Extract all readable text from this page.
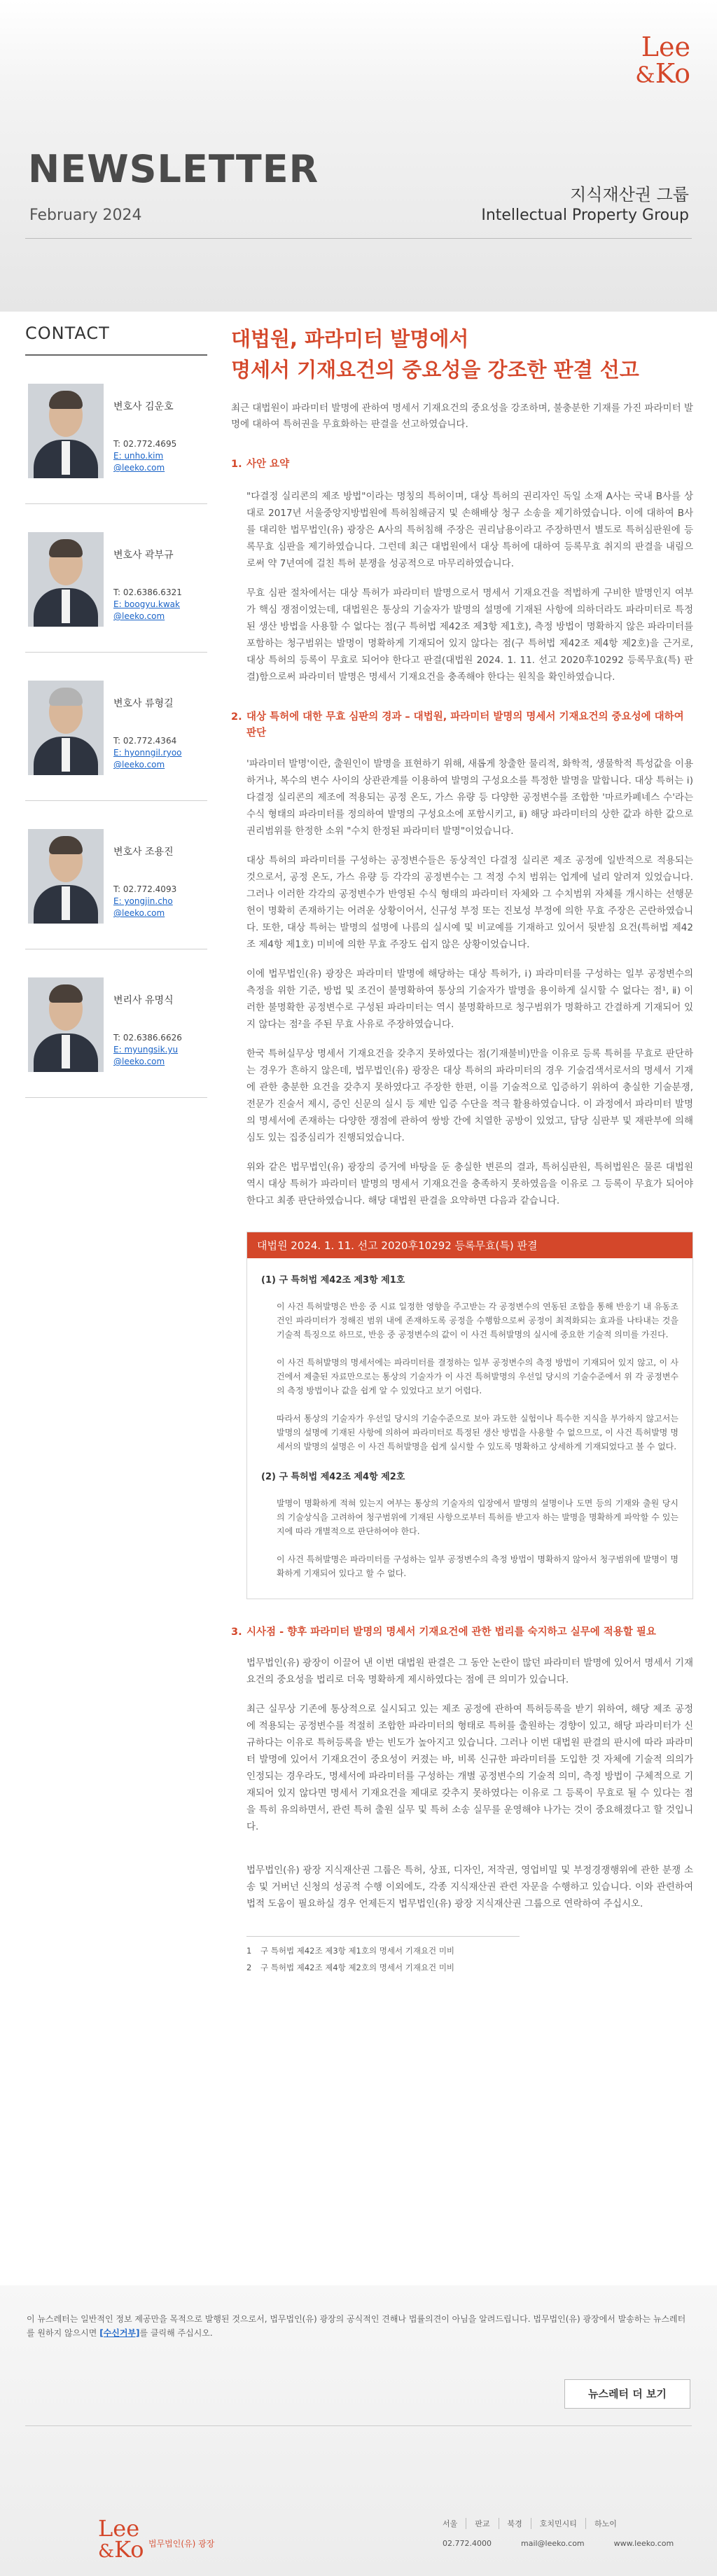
Lee
&Ko
NEWSLETTER
February 2024
지식재산권 그룹
Intellectual Property Group
CONTACT
변호사 김운호
T: 02.772.4695
E: unho.kim
@leeko.com
변호사 곽부규
T: 02.6386.6321
E: boogyu.kwak
@leeko.com
변호사 류형길
T: 02.772.4364
E: hyonngil.ryoo
@leeko.com
변호사 조용진
T: 02.772.4093
E: yongjin.cho
@leeko.com
변리사 유명식
T: 02.6386.6626
E: myungsik.yu
@leeko.com
대법원, 파라미터 발명에서
명세서 기재요건의 중요성을 강조한 판결 선고

최근 대법원이 파라미터 발명에 관하여 명세서 기재요건의 중요성을 강조하며, 불충분한 기재를 가진 파라미터 발명에 대하여 특허권을 무효화하는 판결을 선고하였습니다.

1. 사안 요약

"다결정 실리콘의 제조 방법"이라는 명칭의 특허이며, 대상 특허의 권리자인 독일 소재 A사는 국내 B사를 상대로 2017년 서울중앙지방법원에 특허침해금지 및 손해배상 청구 소송을 제기하였습니다. 이에 대하여 B사를 대리한 법무법인(유) 광장은 A사의 특허침해 주장은 권리남용이라고 주장하면서 별도로 특허심판원에 등록무효 심판을 제기하였습니다. 그런데 최근 대법원에서 대상 특허에 대하여 등록무효 취지의 판결을 내림으로써 약 7년여에 걸친 특허 분쟁을 성공적으로 마무리하였습니다.

무효 심판 절차에서는 대상 특허가 파라미터 발명으로서 명세서 기재요건을 적법하게 구비한 발명인지 여부가 핵심 쟁점이었는데, 대법원은 통상의 기술자가 발명의 설명에 기재된 사항에 의하더라도 파라미터로 특정된 생산 방법을 사용할 수 없다는 점(구 특허법 제42조 제3항 제1호), 측정 방법이 명확하지 않은 파라미터를 포함하는 청구범위는 발명이 명확하게 기재되어 있지 않다는 점(구 특허법 제42조 제4항 제2호)을 근거로, 대상 특허의 등록이 무효로 되어야 한다고 판결(대법원 2024. 1. 11. 선고 2020후10292 등록무효(특) 판결)함으로써 파라미터 발명은 명세서 기재요건을 충족해야 한다는 원칙을 확인하였습니다.

2. 대상 특허에 대한 무효 심판의 경과 – 대법원, 파라미터 발명의 명세서 기재요건의 중요성에 대하여 판단

'파라미터 발명'이란, 출원인이 발명을 표현하기 위해, 새롭게 창출한 물리적, 화학적, 생물학적 특성값을 이용하거나, 복수의 변수 사이의 상관관계를 이용하여 발명의 구성요소를 특정한 발명을 말합니다. 대상 특허는 ⅰ) 다결정 실리콘의 제조에 적용되는 공정 온도, 가스 유량 등 다양한 공정변수를 조합한 '마르카페네스 수'라는 수식 형태의 파라미터를 정의하여 발명의 구성요소에 포함시키고, ⅱ) 해당 파라미터의 상한 값과 하한 값으로 권리범위를 한정한 소위 "수치 한정된 파라미터 발명"이었습니다.

대상 특허의 파라미터를 구성하는 공정변수들은 동상적인 다결정 실리콘 제조 공정에 일반적으로 적용되는 것으로서, 공정 온도, 가스 유량 등 각각의 공정변수는 그 적정 수치 범위는 업계에 널리 알려져 있었습니다. 그러나 이러한 각각의 공정변수가 반영된 수식 형태의 파라미터 자체와 그 수치범위 자체를 개시하는 선행문헌이 명확히 존재하기는 어려운 상황이어서, 신규성 부정 또는 진보성 부정에 의한 무효 주장은 곤란하였습니다. 또한, 대상 특허는 발명의 설명에 나름의 실시예 및 비교예를 기재하고 있어서 뒷받침 요건(특허법 제42조 제4항 제1호) 미비에 의한 무효 주장도 쉽지 않은 상황이었습니다.

이에 법무법인(유) 광장은 파라미터 발명에 해당하는 대상 특허가, ⅰ) 파라미터를 구성하는 일부 공정변수의 측정을 위한 기준, 방법 및 조건이 불명확하여 통상의 기술자가 발명을 용이하게 실시할 수 없다는 점¹, ⅱ) 이러한 불명확한 공정변수로 구성된 파라미터는 역시 불명확하므로 청구범위가 명확하고 간결하게 기재되어 있지 않다는 점²을 주된 무효 사유로 주장하였습니다.

한국 특허실무상 명세서 기재요건을 갖추지 못하였다는 점(기재불비)만을 이유로 등록 특허를 무효로 판단하는 경우가 흔하지 않은데, 법무법인(유) 광장은 대상 특허의 파라미터의 경우 기술검색서로서의 명세서 기재에 관한 충분한 요건을 갖추지 못하였다고 주장한 한편, 이를 기술적으로 입증하기 위하여 충실한 기술분쟁, 전문가 진술서 제시, 증인 신문의 실시 등 제반 입증 수단을 적극 활용하였습니다. 이 과정에서 파라미터 발명의 명세서에 존재하는 다양한 쟁점에 관하여 쌍방 간에 치열한 공방이 있었고, 담당 심판부 및 재판부에 의해 심도 있는 집중심리가 진행되었습니다.

위와 같은 법무법인(유) 광장의 증거에 바탕을 둔 충실한 변론의 결과, 특허심판원, 특허법원은 물론 대법원 역시 대상 특허가 파라미터 발명의 명세서 기재요건을 충족하지 못하였음을 이유로 그 등록이 무효가 되어야 한다고 최종 판단하였습니다. 해당 대법원 판결을 요약하면 다음과 같습니다.

대법원 2024. 1. 11. 선고 2020후10292 등록무효(특) 판결
(1) 구 특허법 제42조 제3항 제1호

이 사건 특허발명은 반응 중 시료 일정한 영향을 주고받는 각 공정변수의 연동된 조합을 통해 반응기 내 유동조건인 파라미터가 정해진 범위 내에 존재하도록 공정을 수행함으로써 공정이 최적화되는 효과를 나타내는 것을 기술적 특징으로 하므로, 반응 중 공정변수의 값이 이 사건 특허발명의 실시에 중요한 기술적 의미를 가진다.

이 사건 특허발명의 명세서에는 파라미터를 결정하는 일부 공정변수의 측정 방법이 기재되어 있지 않고, 이 사건에서 제출된 자료만으로는 통상의 기술자가 이 사건 특허발명의 우선일 당시의 기술수준에서 위 각 공정변수의 측정 방법이나 값을 쉽게 알 수 있었다고 보기 어렵다.

따라서 통상의 기술자가 우선일 당시의 기술수준으로 보아 과도한 실험이나 특수한 지식을 부가하지 않고서는 발명의 설명에 기재된 사항에 의하여 파라미터로 특정된 생산 방법을 사용할 수 없으므로, 이 사건 특허발명 명세서의 발명의 설명은 이 사건 특허발명을 쉽게 실시할 수 있도록 명확하고 상세하게 기재되었다고 볼 수 없다.

(2) 구 특허법 제42조 제4항 제2호

발명이 명확하게 적혀 있는지 여부는 통상의 기술자의 입장에서 발명의 설명이나 도면 등의 기재와 출원 당시의 기술상식을 고려하여 청구범위에 기재된 사항으로부터 특허를 받고자 하는 발명을 명확하게 파악할 수 있는지에 따라 개별적으로 판단하여야 한다.

이 사건 특허발명은 파라미터를 구성하는 일부 공정변수의 측정 방법이 명확하지 않아서 청구범위에 발명이 명확하게 기재되어 있다고 할 수 없다.

3. 시사점 - 향후 파라미터 발명의 명세서 기재요건에 관한 법리를 숙지하고 실무에 적용할 필요

법무법인(유) 광장이 이끌어 낸 이번 대법원 판결은 그 동안 논란이 많던 파라미터 발명에 있어서 명세서 기재요건의 중요성을 법리로 더욱 명확하게 제시하였다는 점에 큰 의미가 있습니다.

최근 실무상 기존에 통상적으로 실시되고 있는 제조 공정에 관하여 특허등록을 받기 위하여, 해당 제조 공정에 적용되는 공정변수를 적절히 조합한 파라미터의 형태로 특허를 출원하는 경향이 있고, 해당 파라미터가 신규하다는 이유로 특허등록을 받는 빈도가 높아지고 있습니다. 그러나 이번 대법원 판결의 판시에 따라 파라미터 발명에 있어서 기재요건이 중요성이 커졌는 바, 비록 신규한 파라미터를 도입한 것 자체에 기술적 의의가 인정되는 경우라도, 명세서에 파라미터를 구성하는 개별 공정변수의 기술적 의미, 측정 방법이 구체적으로 기재되어 있지 않다면 명세서 기재요건을 제대로 갖추지 못하였다는 이유로 그 등록이 무효로 될 수 있다는 점을 특히 유의하면서, 관련 특허 출원 실무 및 특허 소송 실무를 운영해야 나가는 것이 중요해졌다고 할 것입니다.

법무법인(유) 광장 지식재산권 그룹은 특허, 상표, 디자인, 저작권, 영업비밀 및 부정경쟁행위에 관한 분쟁 소송 및 거버넌 신청의 성공적 수행 이외에도, 각종 지식재산권 관련 자문을 수행하고 있습니다. 이와 관련하여 법적 도움이 필요하실 경우 언제든지 법무법인(유) 광장 지식재산권 그룹으로 연락하여 주십시오.

1 구 특허법 제42조 제3항 제1호의 명세서 기재요건 미비
2 구 특허법 제42조 제4항 제2호의 명세서 기재요건 미비

이 뉴스레터는 일반적인 정보 제공만을 목적으로 발행된 것으로서, 법무법인(유) 광장의 공식적인 견해나 법률의견이 아님을 알려드립니다. 법무법인(유) 광장에서 발송하는 뉴스레터를 원하지 않으시면 [수신거부]를 클릭해 주십시오.

뉴스레터 더 보기
Lee
&Ko 법무법인(유) 광장
서울	판교	북경	호치민시티	하노이
02.772.4000	mail@leeko.com	www.leeko.com
